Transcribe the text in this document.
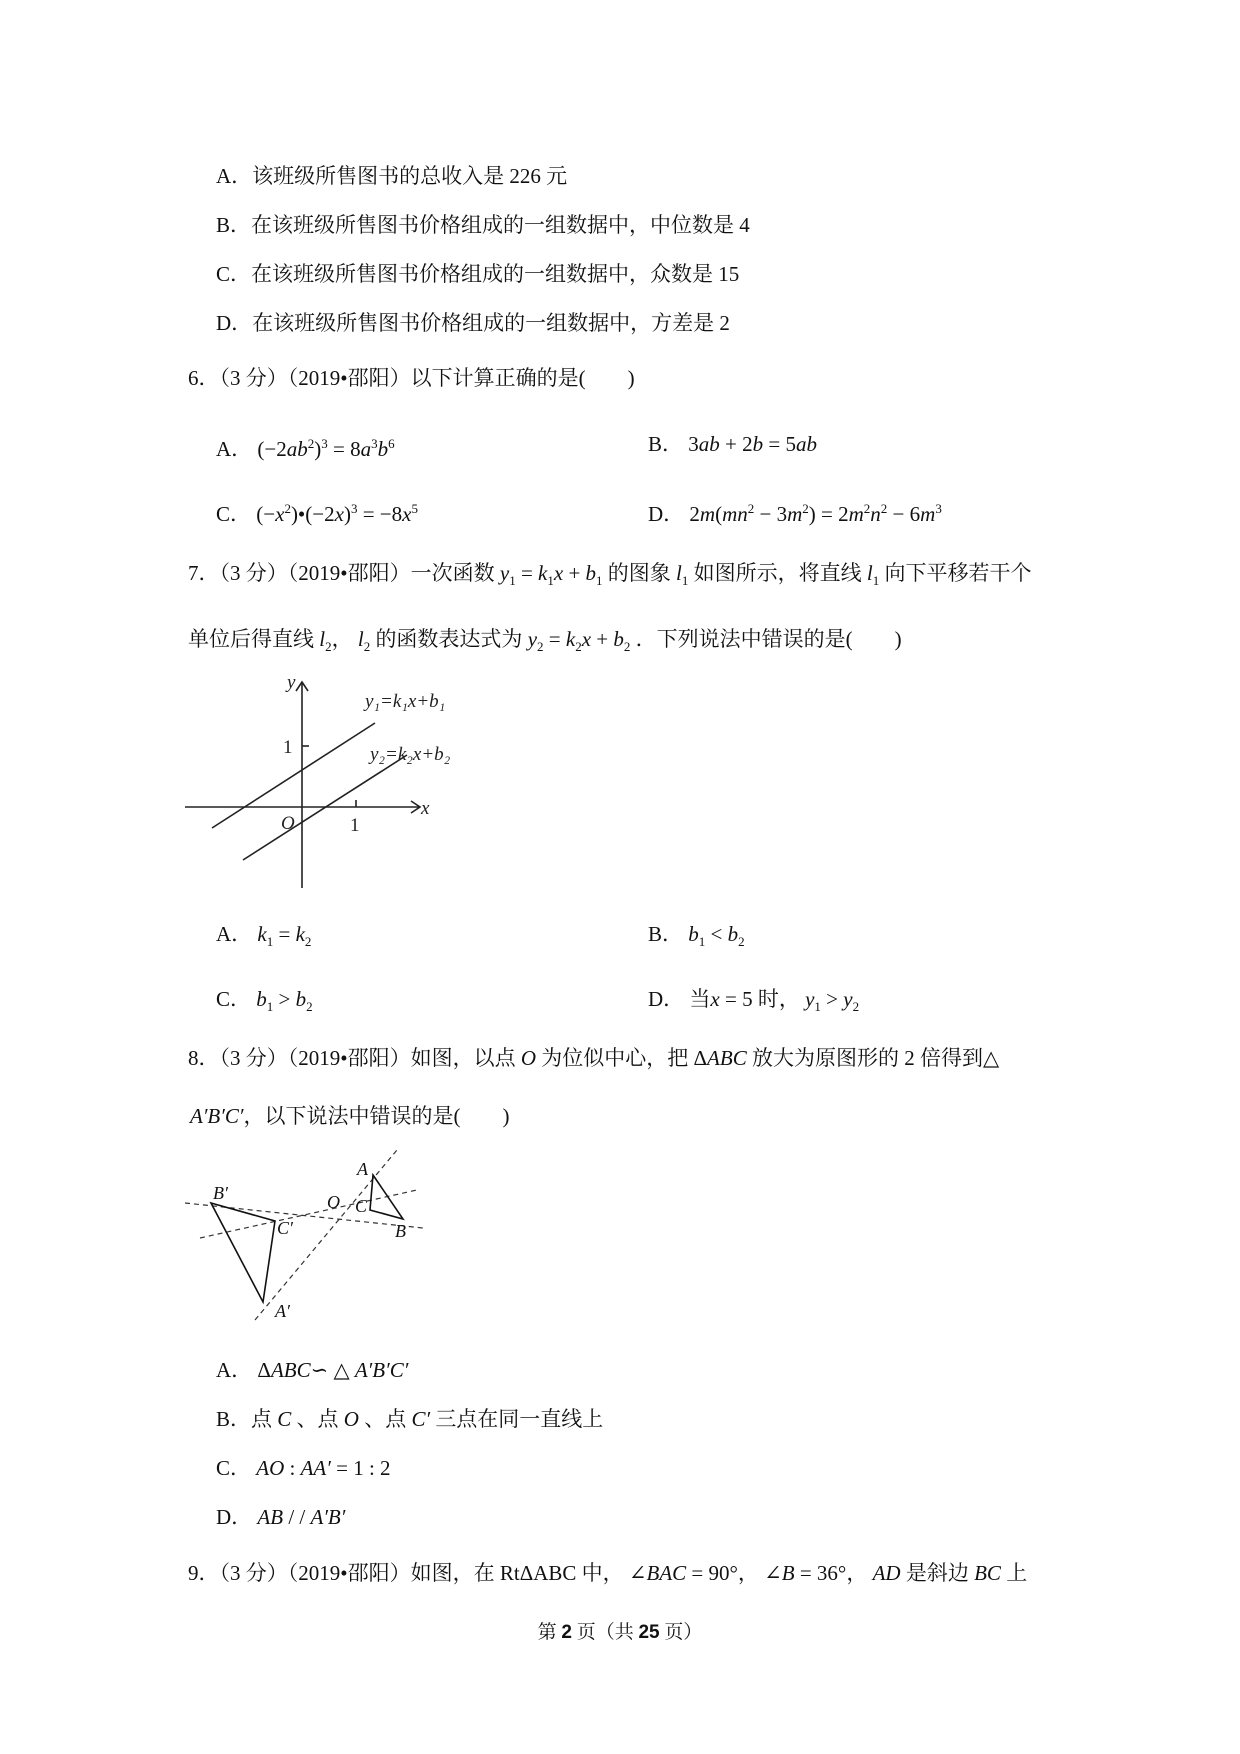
A．该班级所售图书的总收入是 226 元
B．在该班级所售图书价格组成的一组数据中，中位数是 4
C．在该班级所售图书价格组成的一组数据中，众数是 15
D．在该班级所售图书价格组成的一组数据中，方差是 2
6．（3 分）（2019•邵阳）以下计算正确的是(　　)
A． $(-2ab^2)^3 = 8a^3b^6$	B． 3ab + 2b = 5ab
C． $(-x^2)•(-2x)^3 = -8x^5$	D． $2m(mn^2 - 3m^2) = 2m^2n^2 - 6m^3$
7．（3 分）（2019•邵阳）一次函数 $y_1 = k_1x + b_1$ 的图象 $l_1$ 如图所示，将直线 $l_1$ 向下平移若干个
单位后得直线 $l_2$， $l_2$ 的函数表达式为 $y_2 = k_2x + b_2$ ．下列说法中错误的是(　　)
y
x
O	1
1
y₁=k₁x+b₁
y₂=k₂x+b₂
A． $k_1 = k_2$	B． $b_1 < b_2$
C． $b_1 > b_2$	D． 当x = 5 时， $y_1 > y_2$
8．（3 分）（2019•邵阳）如图，以点 O 为位似中心，把 ΔABC 放大为原图形的 2 倍得到△
A′B′C′，以下说法中错误的是(　　)
B′
C′
A′
O
A
C
B
A． ΔABC∽ △ A′B′C′
B．点 C 、点 O 、点 C′ 三点在同一直线上
C． AO : AA′ = 1 : 2
D． AB / / A′B′
9．（3 分）（2019•邵阳）如图，在 RtΔABC 中， ∠BAC = 90°， ∠B = 36°， AD 是斜边 BC 上
第 2 页（共 25 页）
